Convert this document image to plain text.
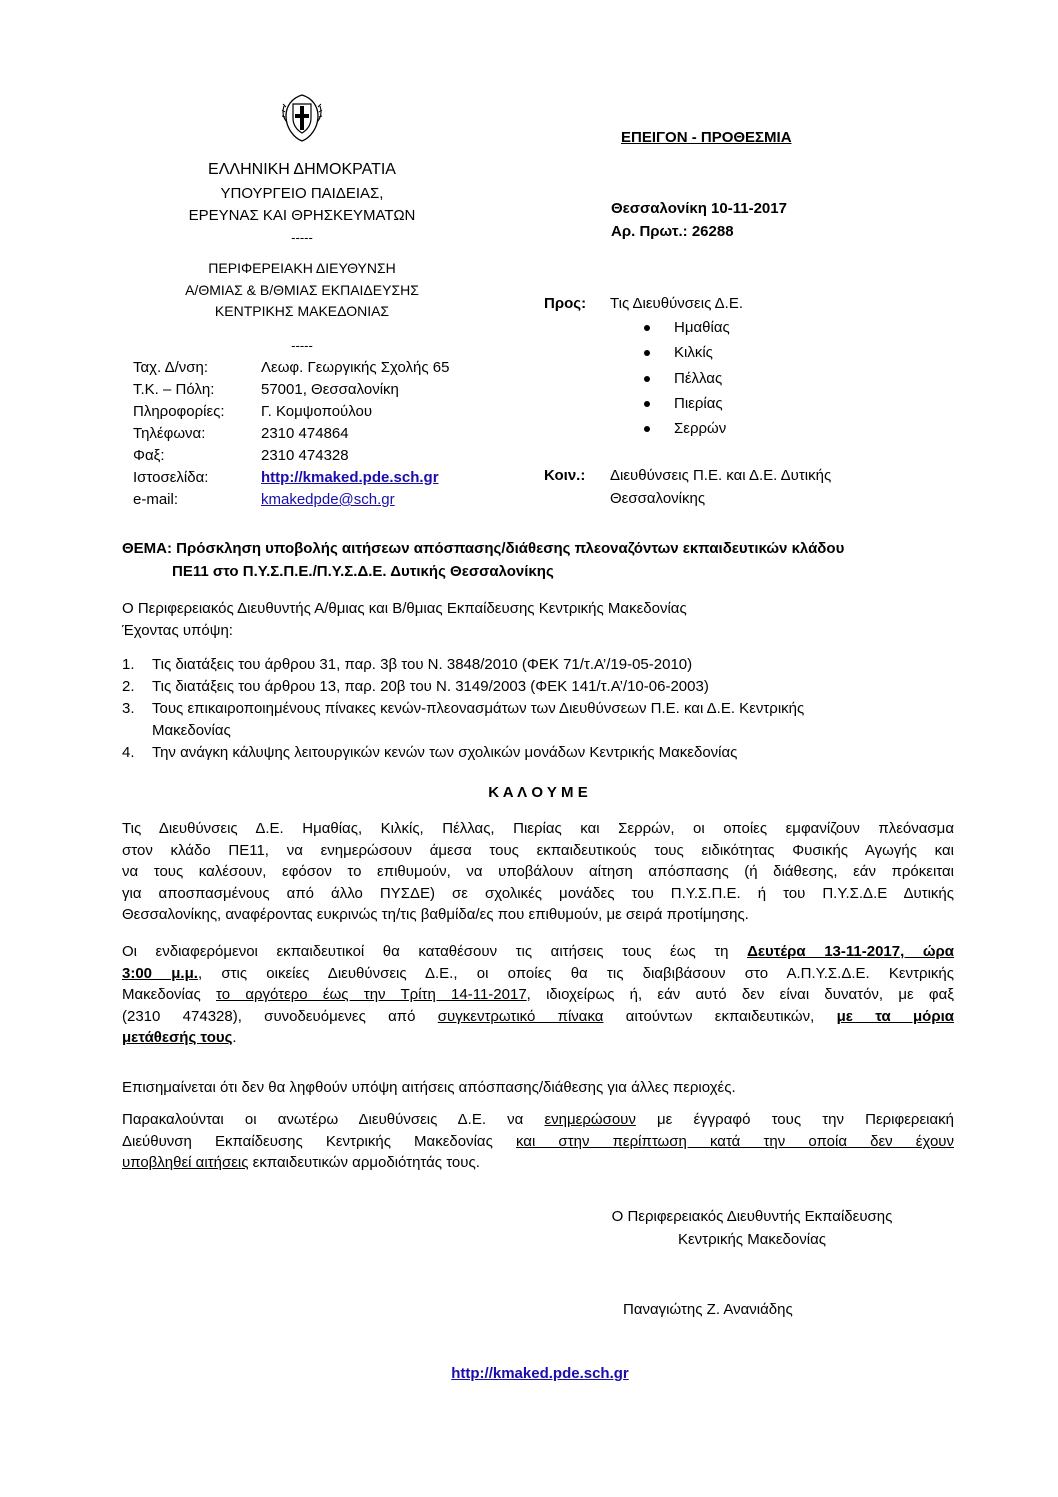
ΕΛΛΗΝΙΚΗ ΔΗΜΟΚΡΑΤΙΑ
ΥΠΟΥΡΓΕΙΟ ΠΑΙΔΕΙΑΣ,
ΕΡΕΥΝΑΣ ΚΑΙ ΘΡΗΣΚΕΥΜΑΤΩΝ
-----
ΠΕΡΙΦΕΡΕΙΑΚΗ ΔΙΕΥΘΥΝΣΗ
Α/ΘΜΙΑΣ & Β/ΘΜΙΑΣ ΕΚΠΑΙΔΕΥΣΗΣ
ΚΕΝΤΡΙΚΗΣ ΜΑΚΕΔΟΝΙΑΣ
-----
Ταχ. Δ/νση:	Λεωφ. Γεωργικής Σχολής 65
Τ.Κ. – Πόλη:	57001, Θεσσαλονίκη
Πληροφορίες: Γ. Κομψοπούλου
Τηλέφωνα:	2310 474864
Φαξ:	2310 474328
Ιστοσελίδα:	http://kmaked.pde.sch.gr
e-mail:	kmakedpde@sch.gr
ΕΠΕΙΓΟΝ - ΠΡΟΘΕΣΜΙΑ
Θεσσαλονίκη 10-11-2017
Αρ. Πρωτ.: 26288
Προς: Τις Διευθύνσεις Δ.Ε.
Ημαθίας
Κιλκίς
Πέλλας
Πιερίας
Σερρών
Κοιν.: Διευθύνσεις Π.Ε. και Δ.Ε. Δυτικής
Θεσσαλονίκης
ΘΕΜΑ: Πρόσκληση υποβολής αιτήσεων απόσπασης/διάθεσης πλεοναζόντων εκπαιδευτικών κλάδου
ΠΕ11 στο Π.Υ.Σ.Π.Ε./Π.Υ.Σ.Δ.Ε. Δυτικής Θεσσαλονίκης
Ο Περιφερειακός Διευθυντής Α/θμιας και Β/θμιας Εκπαίδευσης Κεντρικής Μακεδονίας
Έχοντας υπόψη:
1. Τις διατάξεις του άρθρου 31, παρ. 3β του Ν. 3848/2010 (ΦΕΚ 71/τ.Α’/19-05-2010)
2. Τις διατάξεις του άρθρου 13, παρ. 20β του Ν. 3149/2003 (ΦΕΚ 141/τ.Α’/10-06-2003)
3. Τους επικαιροποιημένους πίνακες κενών-πλεονασμάτων των Διευθύνσεων Π.Ε. και Δ.Ε. Κεντρικής
Μακεδονίας
4. Την ανάγκη κάλυψης λειτουργικών κενών των σχολικών μονάδων Κεντρικής Μακεδονίας
Κ Α Λ Ο Υ Μ Ε
Τις Διευθύνσεις Δ.Ε. Ημαθίας, Κιλκίς, Πέλλας, Πιερίας και Σερρών, οι οποίες εμφανίζουν πλεόνασμα
στον κλάδο ΠΕ11, να ενημερώσουν άμεσα τους εκπαιδευτικούς τους ειδικότητας Φυσικής Αγωγής και
να τους καλέσουν, εφόσον το επιθυμούν, να υποβάλουν αίτηση απόσπασης (ή διάθεσης, εάν πρόκειται
για αποσπασμένους από άλλο ΠΥΣΔΕ) σε σχολικές μονάδες του Π.Υ.Σ.Π.Ε. ή του Π.Υ.Σ.Δ.Ε Δυτικής
Θεσσαλονίκης, αναφέροντας ευκρινώς τη/τις βαθμίδα/ες που επιθυμούν, με σειρά προτίμησης.
Οι ενδιαφερόμενοι εκπαιδευτικοί θα καταθέσουν τις αιτήσεις τους έως τη Δευτέρα 13-11-2017, ώρα
3:00 μ.μ., στις οικείες Διευθύνσεις Δ.Ε., οι οποίες θα τις διαβιβάσουν στο Α.Π.Υ.Σ.Δ.Ε. Κεντρικής
Μακεδονίας το αργότερο έως την Τρίτη 14-11-2017, ιδιοχείρως ή, εάν αυτό δεν είναι δυνατόν, με φαξ
(2310 474328), συνοδευόμενες από συγκεντρωτικό πίνακα αιτούντων εκπαιδευτικών, με τα μόρια
μετάθεσής τους.
Επισημαίνεται ότι δεν θα ληφθούν υπόψη αιτήσεις απόσπασης/διάθεσης για άλλες περιοχές.
Παρακαλούνται οι ανωτέρω Διευθύνσεις Δ.Ε. να ενημερώσουν με έγγραφό τους την Περιφερειακή
Διεύθυνση Εκπαίδευσης Κεντρικής Μακεδονίας και στην περίπτωση κατά την οποία δεν έχουν
υποβληθεί αιτήσεις εκπαιδευτικών αρμοδιότητάς τους.
Ο Περιφερειακός Διευθυντής Εκπαίδευσης
Κεντρικής Μακεδονίας
Παναγιώτης Ζ. Ανανιάδης
http://kmaked.pde.sch.gr
